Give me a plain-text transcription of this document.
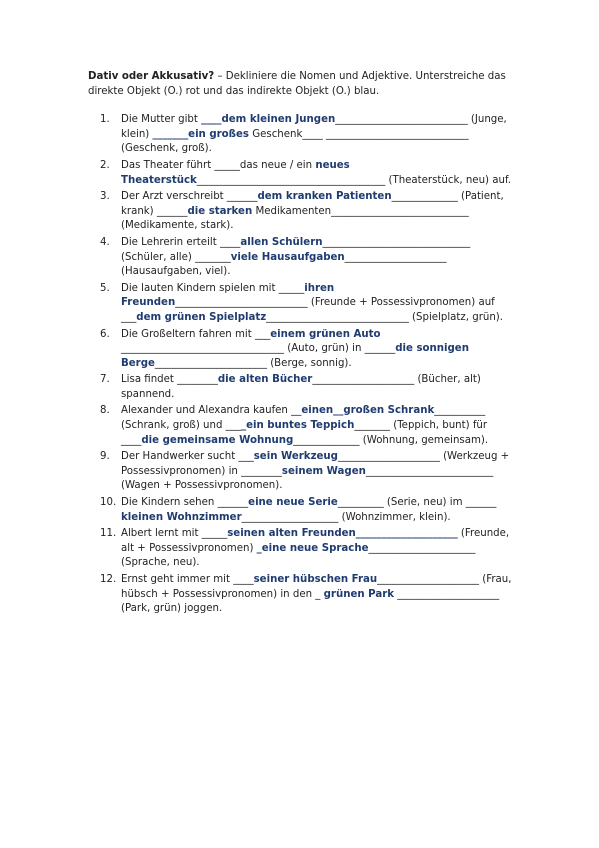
Dativ oder Akkusativ? – Dekliniere die Nomen und Adjektive. Unterstreiche das direkte Objekt (O.) rot und das indirekte Objekt (O.) blau.
1. Die Mutter gibt ____dem kleinen Jungen__________________________ (Junge, klein) _______ein großes Geschenk____ ____________________________ (Geschenk, groß).
2. Das Theater führt _____das neue / ein neues Theaterstück_____________________________________ (Theaterstück, neu) auf.
3. Der Arzt verschreibt ______dem kranken Patienten_____________ (Patient, krank) ______die starken Medikamenten___________________________ (Medikamente, stark).
4. Die Lehrerin erteilt ____allen Schülern_____________________________ (Schüler, alle) _______viele Hausaufgaben____________________ (Hausaufgaben, viel).
5. Die lauten Kindern spielen mit _____ihren Freunden__________________________ (Freunde + Possessivpronomen) auf ___dem grünen Spielplatz____________________________ (Spielplatz, grün).
6. Die Großeltern fahren mit ___einem grünen Auto ________________________________ (Auto, grün) in ______die sonnigen Berge______________________ (Berge, sonnig).
7. Lisa findet ________die alten Bücher____________________ (Bücher, alt) spannend.
8. Alexander und Alexandra kaufen __einen__großen Schrank__________ (Schrank, groß) und ____ein buntes Teppich_______ (Teppich, bunt) für ____die gemeinsame Wohnung_____________ (Wohnung, gemeinsam).
9. Der Handwerker sucht ___sein Werkzeug____________________ (Werkzeug + Possessivpronomen) in ________seinem Wagen_________________________ (Wagen + Possessivpronomen).
10. Die Kindern sehen ______eine neue Serie_________ (Serie, neu) im ______ kleinen Wohnzimmer___________________ (Wohnzimmer, klein).
11. Albert lernt mit _____seinen alten Freunden____________________ (Freunde, alt + Possessivpronomen) _eine neue Sprache_____________________ (Sprache, neu).
12. Ernst geht immer mit ____seiner hübschen Frau____________________ (Frau, hübsch + Possessivpronomen) in den _ grünen Park ____________________ (Park, grün) joggen.
